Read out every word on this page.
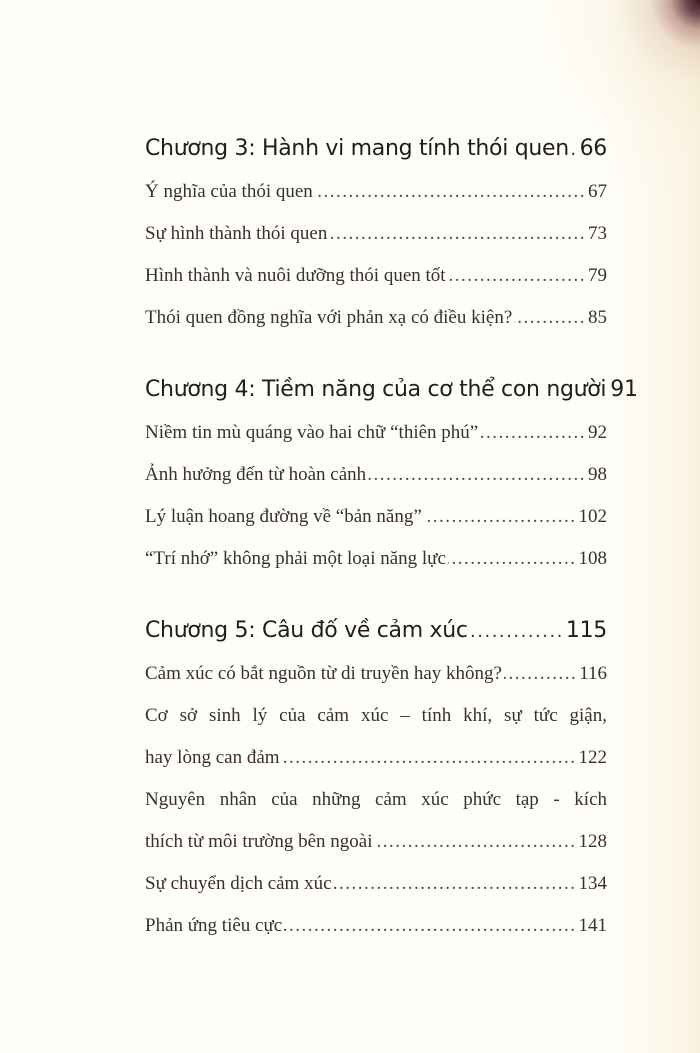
Chương 3: Hành vi mang tính thói quen ..... 66
Ý nghĩa của thói quen .....	67
Sự hình thành thói quen .....	73
Hình thành và nuôi dưỡng thói quen tốt .....	79
Thói quen đồng nghĩa với phản xạ có điều kiện? .....	85
Chương 4: Tiềm năng của cơ thể con người 91
Niềm tin mù quáng vào hai chữ “thiên phú” .....	92
Ảnh hưởng đến từ hoàn cảnh .....	98
Lý luận hoang đường về “bản năng” .....	102
“Trí nhớ” không phải một loại năng lực .....	108
Chương 5: Câu đố về cảm xúc .....	115
Cảm xúc có bắt nguồn từ di truyền hay không? .....	116
Cơ sở sinh lý của cảm xúc – tính khí, sự tức giận,
hay lòng can đảm .....	122
Nguyên nhân của những cảm xúc phức tạp - kích
thích từ môi trường bên ngoài .....	128
Sự chuyển dịch cảm xúc .....	134
Phản ứng tiêu cực .....	141
